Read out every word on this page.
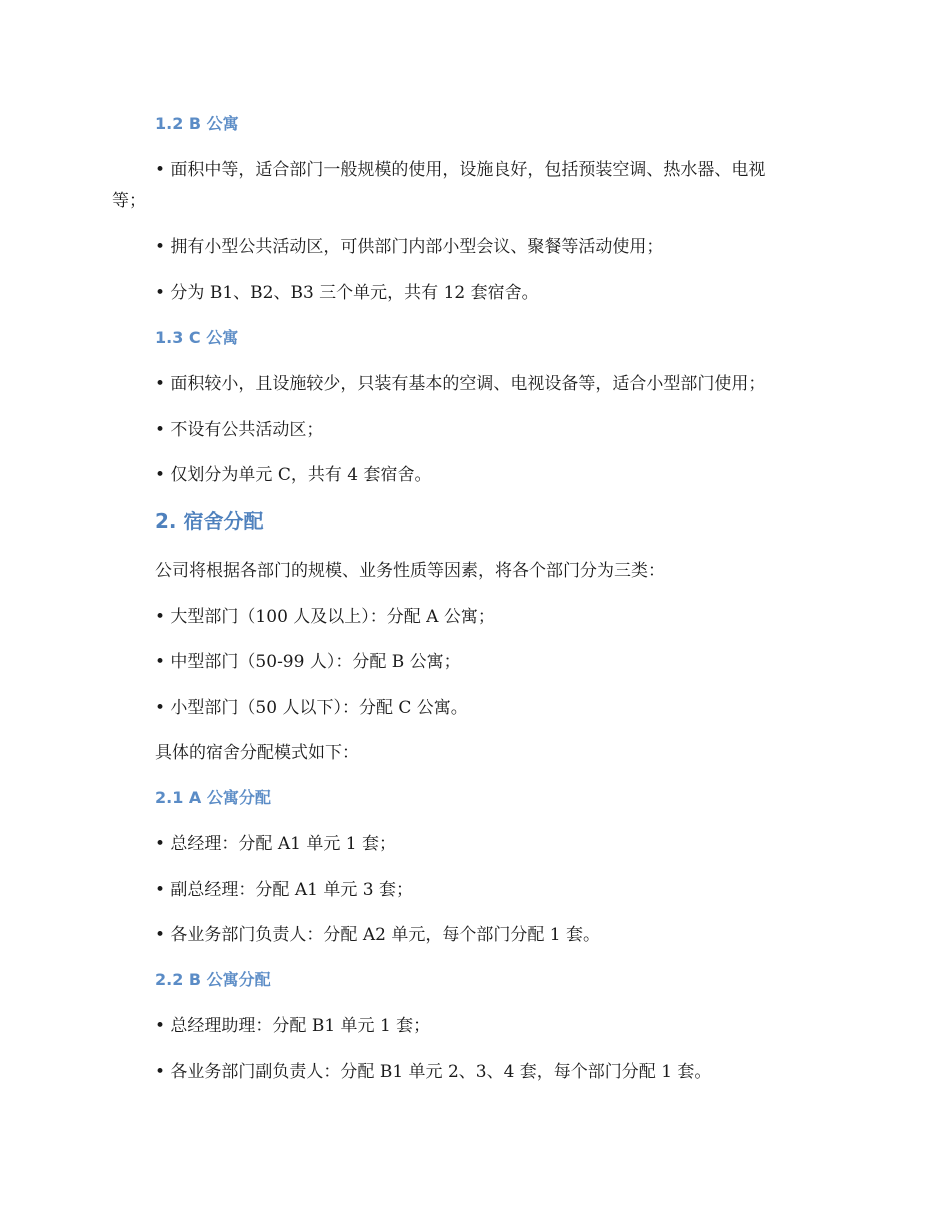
1.2 B 公寓
• 面积中等，适合部门一般规模的使用，设施良好，包括预装空调、热水器、电视
等；
• 拥有小型公共活动区，可供部门内部小型会议、聚餐等活动使用；
• 分为 B1、B2、B3 三个单元，共有 12 套宿舍。
1.3 C 公寓
• 面积较小，且设施较少，只装有基本的空调、电视设备等，适合小型部门使用；
• 不设有公共活动区；
• 仅划分为单元 C，共有 4 套宿舍。
2. 宿舍分配
公司将根据各部门的规模、业务性质等因素，将各个部门分为三类：
• 大型部门（100 人及以上）：分配 A 公寓；
• 中型部门（50-99 人）：分配 B 公寓；
• 小型部门（50 人以下）：分配 C 公寓。
具体的宿舍分配模式如下：
2.1 A 公寓分配
• 总经理：分配 A1 单元 1 套；
• 副总经理：分配 A1 单元 3 套；
• 各业务部门负责人：分配 A2 单元，每个部门分配 1 套。
2.2 B 公寓分配
• 总经理助理：分配 B1 单元 1 套；
• 各业务部门副负责人：分配 B1 单元 2、3、4 套，每个部门分配 1 套。
